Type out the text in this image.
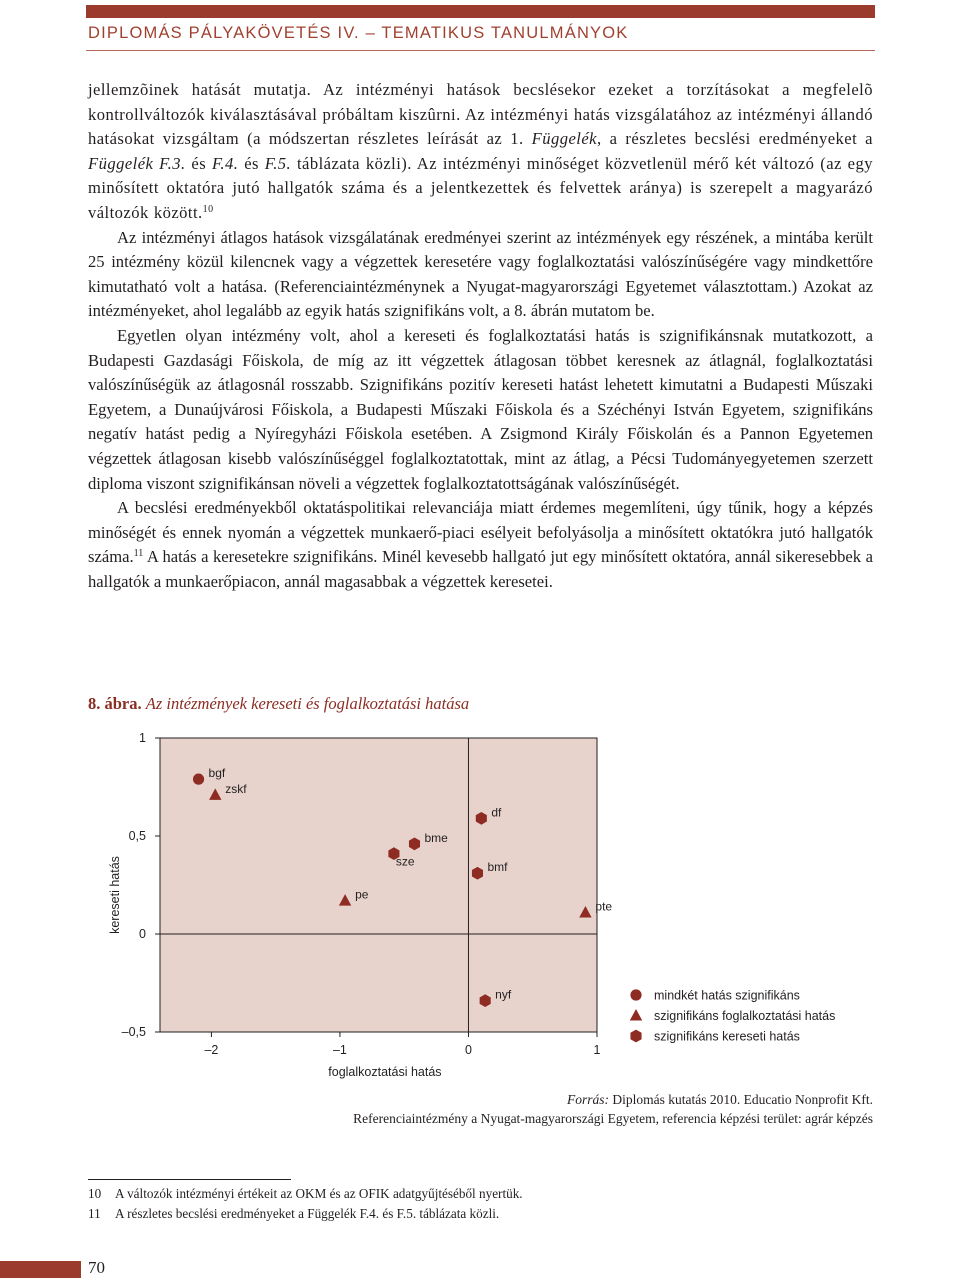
DIPLOMÁS PÁLYAKÖVETÉS IV. – TEMATIKUS TANULMÁNYOK

jellemzõinek hatását mutatja. Az intézményi hatások becslésekor ezeket a torzításokat a megfelelõ kontrollváltozók kiválasztásával próbáltam kiszûrni. Az intézményi hatás vizsgálatához az intézményi állandó hatásokat vizsgáltam (a módszertan részletes leírását az 1. Függelék, a részletes becslési eredményeket a Függelék F.3. és F.4. és F.5. táblázata közli). Az intézményi minőséget közvetlenül mérő két változó (az egy minősített oktatóra jutó hallgatók száma és a jelentkezettek és felvettek aránya) is szerepelt a magyarázó változók között.$^{10}$

Az intézményi átlagos hatások vizsgálatának eredményei szerint az intézmények egy részének, a mintába került 25 intézmény közül kilencnek vagy a végzettek keresetére vagy foglalkoztatási valószínűségére vagy mindkettőre kimutatható volt a hatása. (Referenciaintézménynek a Nyugat-magyarországi Egyetemet választottam.) Azokat az intézményeket, ahol legalább az egyik hatás szignifikáns volt, a 8. ábrán mutatom be.

Egyetlen olyan intézmény volt, ahol a kereseti és foglalkoztatási hatás is szignifikánsnak mutatkozott, a Budapesti Gazdasági Főiskola, de míg az itt végzettek átlagosan többet keresnek az átlagnál, foglalkoztatási valószínűségük az átlagosnál rosszabb. Szignifikáns pozitív kereseti hatást lehetett kimutatni a Budapesti Műszaki Egyetem, a Dunaújvárosi Főiskola, a Budapesti Műszaki Főiskola és a Széchényi István Egyetem, szignifikáns negatív hatást pedig a Nyíregyházi Főiskola esetében. A Zsigmond Király Főiskolán és a Pannon Egyetemen végzettek átlagosan kisebb valószínűséggel foglalkoztatottak, mint az átlag, a Pécsi Tudományegyetemen szerzett diploma viszont szignifikánsan növeli a végzettek foglalkoztatottságának valószínűségét.

A becslési eredményekből oktatáspolitikai relevanciája miatt érdemes megemlíteni, úgy tűnik, hogy a képzés minőségét és ennek nyomán a végzettek munkaerő-piaci esélyeit befolyásolja a minősített oktatókra jutó hallgatók száma.$^{11}$ A hatás a keresetekre szignifikáns. Minél kevesebb hallgató jut egy minősített oktatóra, annál sikeresebbek a hallgatók a munkaerőpiacon, annál magasabbak a végzettek keresetei.

8. ábra. Az intézmények kereseti és foglalkoztatási hatása
1
0,5
0
–0,5
–2	–1	0	1
foglalkoztatási hatás
kereseti hatás
bgf
zskf
pe
pte
df
bme
sze	bmf
nyf	mindkét hatás szignifikáns
szignifikáns foglalkoztatási hatás
szignifikáns kereseti hatás
Forrás: Diplomás kutatás 2010. Educatio Nonprofit Kft.
Referenciaintézmény a Nyugat-magyarországi Egyetem, referencia képzési terület: agrár képzés
10 A változók intézményi értékeit az OKM és az OFIK adatgyűjtéséből nyertük.
11 A részletes becslési eredményeket a Függelék F.4. és F.5. táblázata közli.
70
